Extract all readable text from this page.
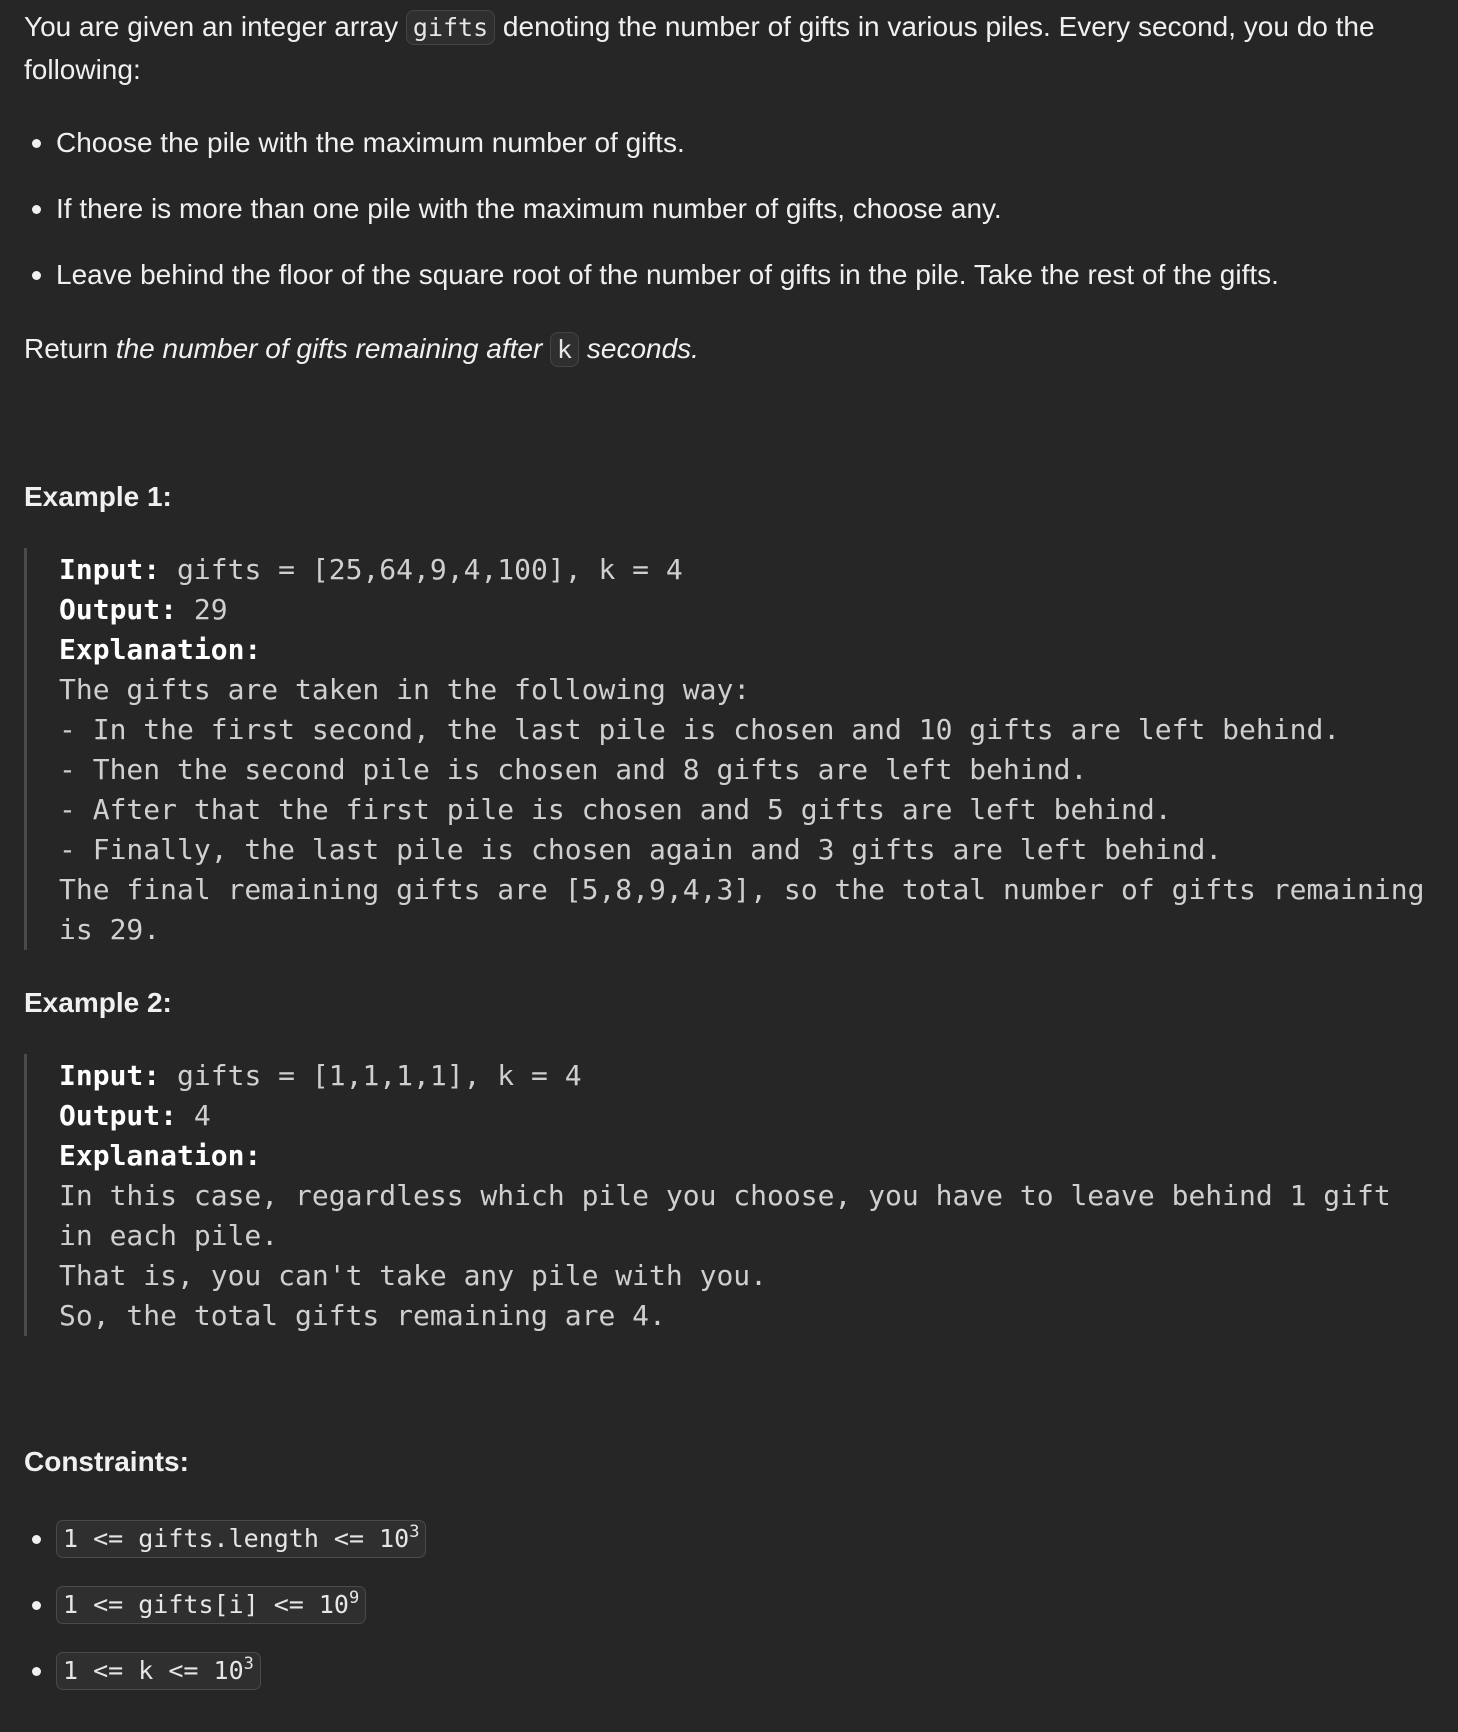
You are given an integer array gifts denoting the number of gifts in various piles. Every second, you do the following:
Choose the pile with the maximum number of gifts.
If there is more than one pile with the maximum number of gifts, choose any.
Leave behind the floor of the square root of the number of gifts in the pile. Take the rest of the gifts.
Return the number of gifts remaining after k seconds.
Example 1:
Input: gifts = [25,64,9,4,100], k = 4
Output: 29
Explanation:
The gifts are taken in the following way:
- In the first second, the last pile is chosen and 10 gifts are left behind.
- Then the second pile is chosen and 8 gifts are left behind.
- After that the first pile is chosen and 5 gifts are left behind.
- Finally, the last pile is chosen again and 3 gifts are left behind.
The final remaining gifts are [5,8,9,4,3], so the total number of gifts remaining
is 29.
Example 2:
Input: gifts = [1,1,1,1], k = 4
Output: 4
Explanation:
In this case, regardless which pile you choose, you have to leave behind 1 gift
in each pile.
That is, you can't take any pile with you.
So, the total gifts remaining are 4.
Constraints:
1 <= gifts.length <= $10^3$
1 <= gifts[i] <= $10^9$
$1 <= k <= 10^3$
